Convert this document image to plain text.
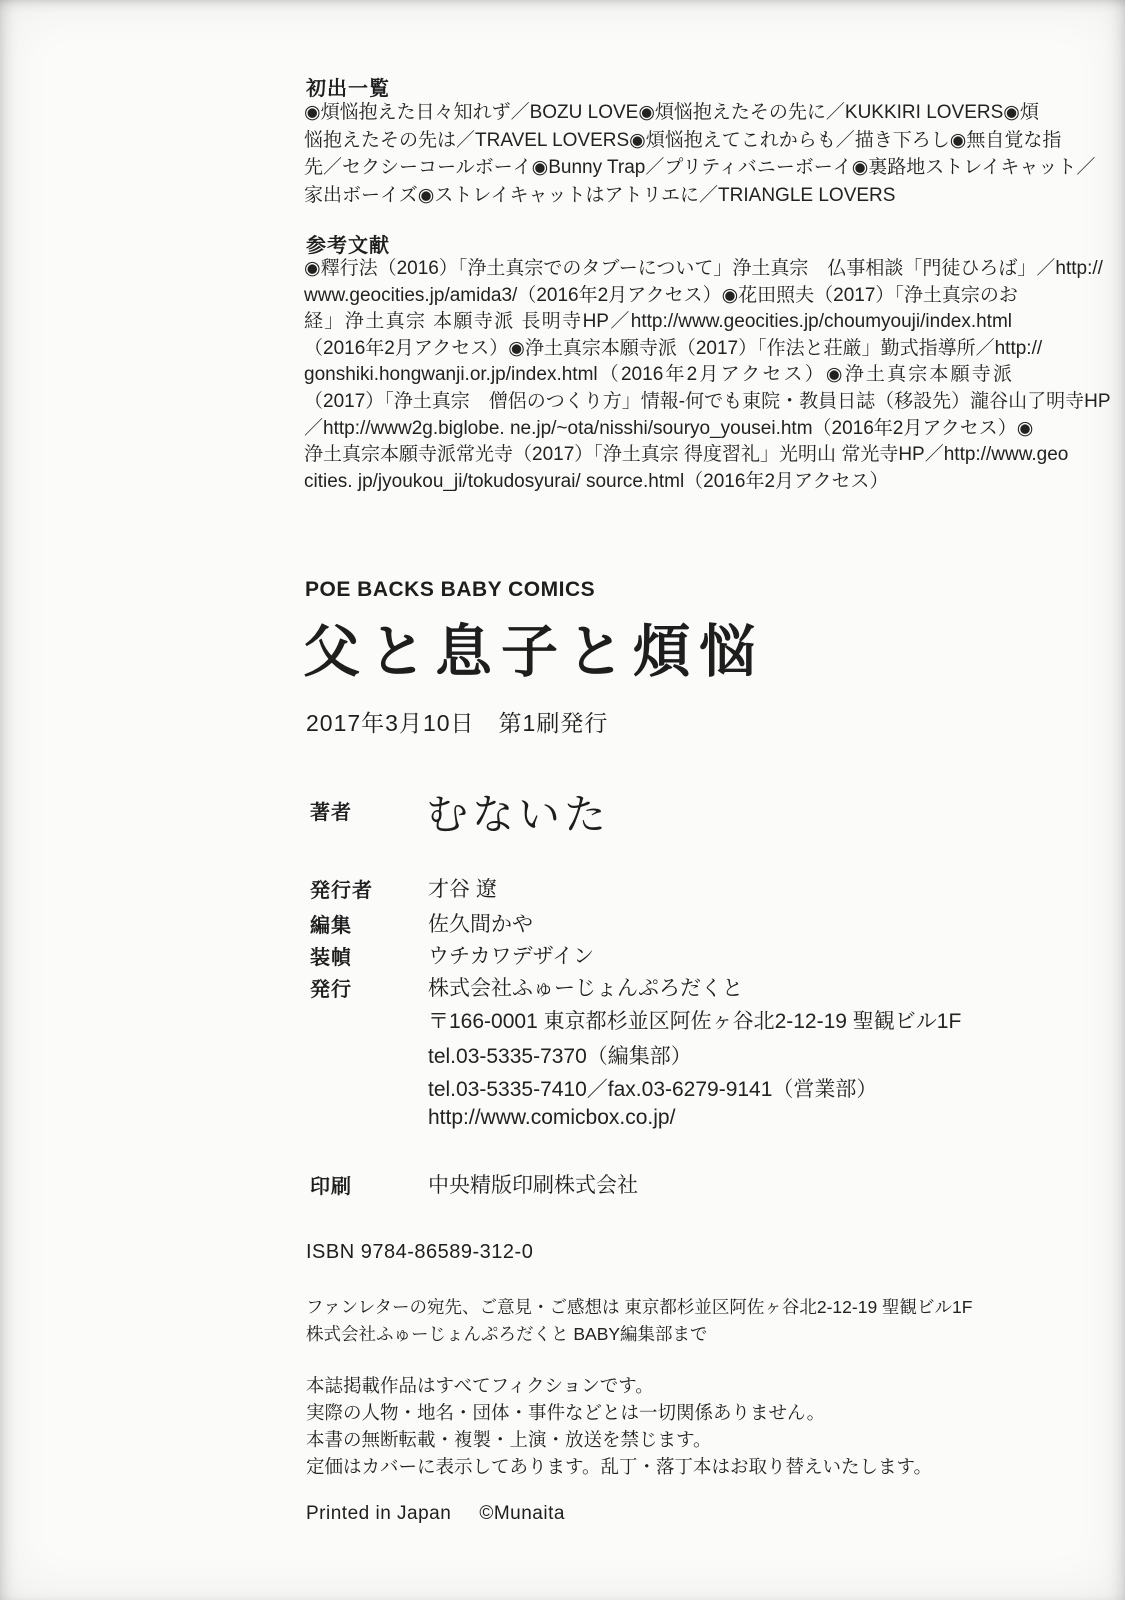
初出一覧
◉煩悩抱えた日々知れず／BOZU LOVE◉煩悩抱えたその先に／KUKKIRI LOVERS◉煩
悩抱えたその先は／TRAVEL LOVERS◉煩悩抱えてこれからも／描き下ろし◉無自覚な指
先／セクシーコールボーイ◉Bunny Trap／プリティバニーボーイ◉裏路地ストレイキャット／
家出ボーイズ◉ストレイキャットはアトリエに／TRIANGLE LOVERS
参考文献
◉釋行法（2016）「浄土真宗でのタブーについて」浄土真宗　仏事相談「門徒ひろば」／http://
www.geocities.jp/amida3/（2016年2月アクセス）◉花田照夫（2017）「浄土真宗のお
経」浄土真宗 本願寺派 長明寺HP／http://www.geocities.jp/choumyouji/index.html
（2016年2月アクセス）◉浄土真宗本願寺派（2017）「作法と荘厳」勤式指導所／http://
gonshiki.hongwanji.or.jp/index.html（2016年2月アクセス）◉浄土真宗本願寺派
（2017）「浄土真宗　僧侶のつくり方」情報-何でも東院・教員日誌（移設先）瀧谷山了明寺HP
／http://www2g.biglobe. ne.jp/~ota/nisshi/souryo_yousei.htm（2016年2月アクセス）◉
浄土真宗本願寺派常光寺（2017）「浄土真宗 得度習礼」光明山 常光寺HP／http://www.geo
cities. jp/jyoukou_ji/tokudosyurai/ source.html（2016年2月アクセス）
POE BACKS BABY COMICS
父と息子と煩悩
2017年3月10日　第1刷発行
著者 むないた
発行者	才谷 遼
編集	佐久間かや
装幀	ウチカワデザイン
発行	株式会社ふゅーじょんぷろだくと
〒166-0001 東京都杉並区阿佐ヶ谷北2-12-19 聖観ビル1F
tel.03-5335-7370（編集部）
tel.03-5335-7410／fax.03-6279-9141（営業部）
http://www.comicbox.co.jp/
印刷	中央精版印刷株式会社
ISBN 9784-86589-312-0
ファンレターの宛先、ご意見・ご感想は 東京都杉並区阿佐ヶ谷北2-12-19 聖観ビル1F
株式会社ふゅーじょんぷろだくと BABY編集部まで
本誌掲載作品はすべてフィクションです。
実際の人物・地名・団体・事件などとは一切関係ありません。
本書の無断転載・複製・上演・放送を禁じます。
定価はカバーに表示してあります。乱丁・落丁本はお取り替えいたします。
Printed in Japan ©Munaita
